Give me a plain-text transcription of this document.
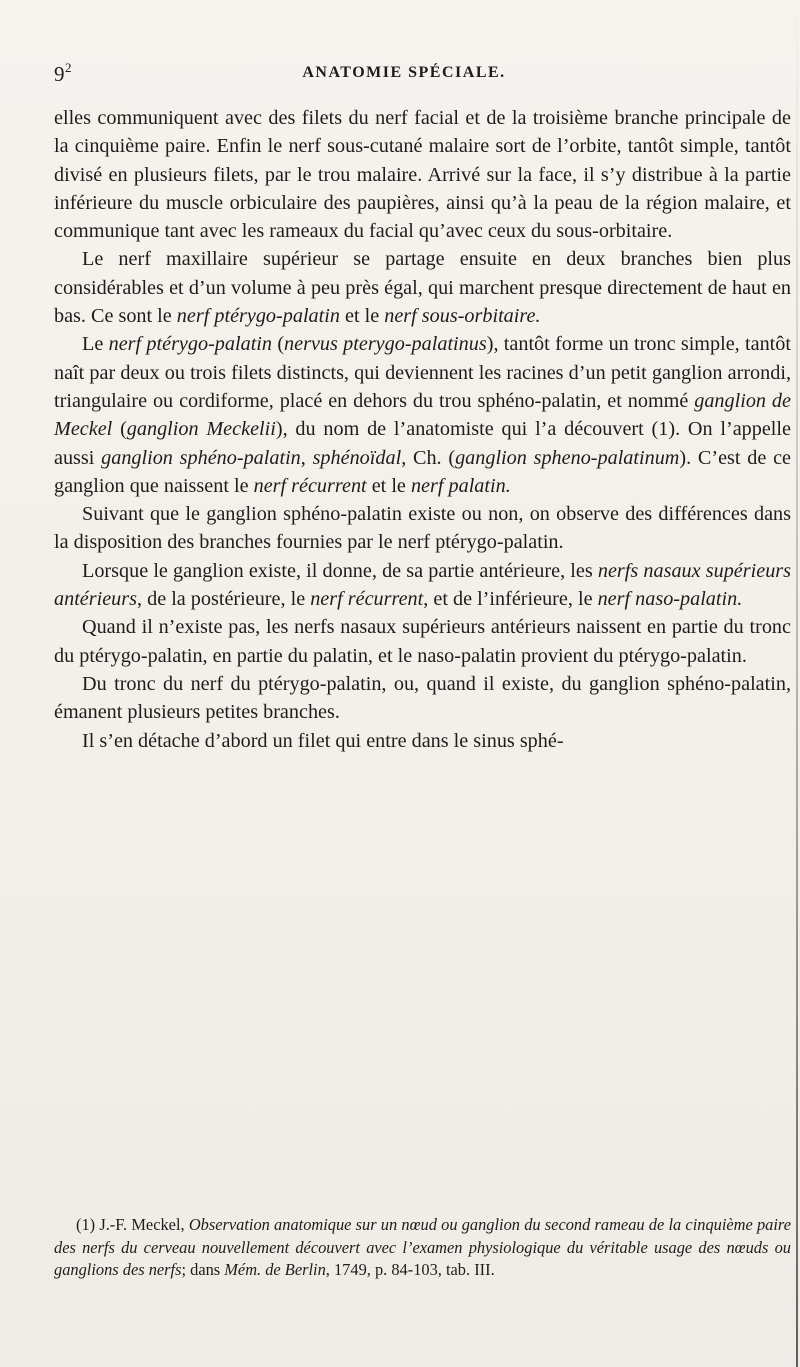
$9^2$	ANATOMIE SPÉCIALE.

elles communiquent avec des filets du nerf facial et de la troisième branche principale de la cinquième paire. Enfin le nerf sous-cutané malaire sort de l’orbite, tantôt simple, tantôt divisé en plusieurs filets, par le trou malaire. Arrivé sur la face, il s’y distribue à la partie inférieure du muscle orbiculaire des paupières, ainsi qu’à la peau de la région malaire, et communique tant avec les rameaux du facial qu’avec ceux du sous-orbitaire.

Le nerf maxillaire supérieur se partage ensuite en deux branches bien plus considérables et d’un volume à peu près égal, qui marchent presque directement de haut en bas. Ce sont le nerf ptérygo-palatin et le nerf sous-orbitaire.

Le nerf ptérygo-palatin (nervus pterygo-palatinus), tantôt forme un tronc simple, tantôt naît par deux ou trois filets distincts, qui deviennent les racines d’un petit ganglion arrondi, triangulaire ou cordiforme, placé en dehors du trou sphéno-palatin, et nommé ganglion de Meckel (ganglion Meckelii), du nom de l’anatomiste qui l’a découvert (1). On l’appelle aussi ganglion sphéno-palatin, sphénoïdal, Ch. (ganglion spheno-palatinum). C’est de ce ganglion que naissent le nerf récurrent et le nerf palatin.

Suivant que le ganglion sphéno-palatin existe ou non, on observe des différences dans la disposition des branches fournies par le nerf ptérygo-palatin.

Lorsque le ganglion existe, il donne, de sa partie antérieure, les nerfs nasaux supérieurs antérieurs, de la postérieure, le nerf récurrent, et de l’inférieure, le nerf naso-palatin.

Quand il n’existe pas, les nerfs nasaux supérieurs antérieurs naissent en partie du tronc du ptérygo-palatin, en partie du palatin, et le naso-palatin provient du ptérygo-palatin.

Du tronc du nerf du ptérygo-palatin, ou, quand il existe, du ganglion sphéno-palatin, émanent plusieurs petites branches.

Il s’en détache d’abord un filet qui entre dans le sinus sphé-

(1) J.-F. Meckel, Observation anatomique sur un nœud ou ganglion du second rameau de la cinquième paire des nerfs du cerveau nouvellement découvert avec l’examen physiologique du véritable usage des nœuds ou ganglions des nerfs; dans Mém. de Berlin, 1749, p. 84-103, tab. III.
